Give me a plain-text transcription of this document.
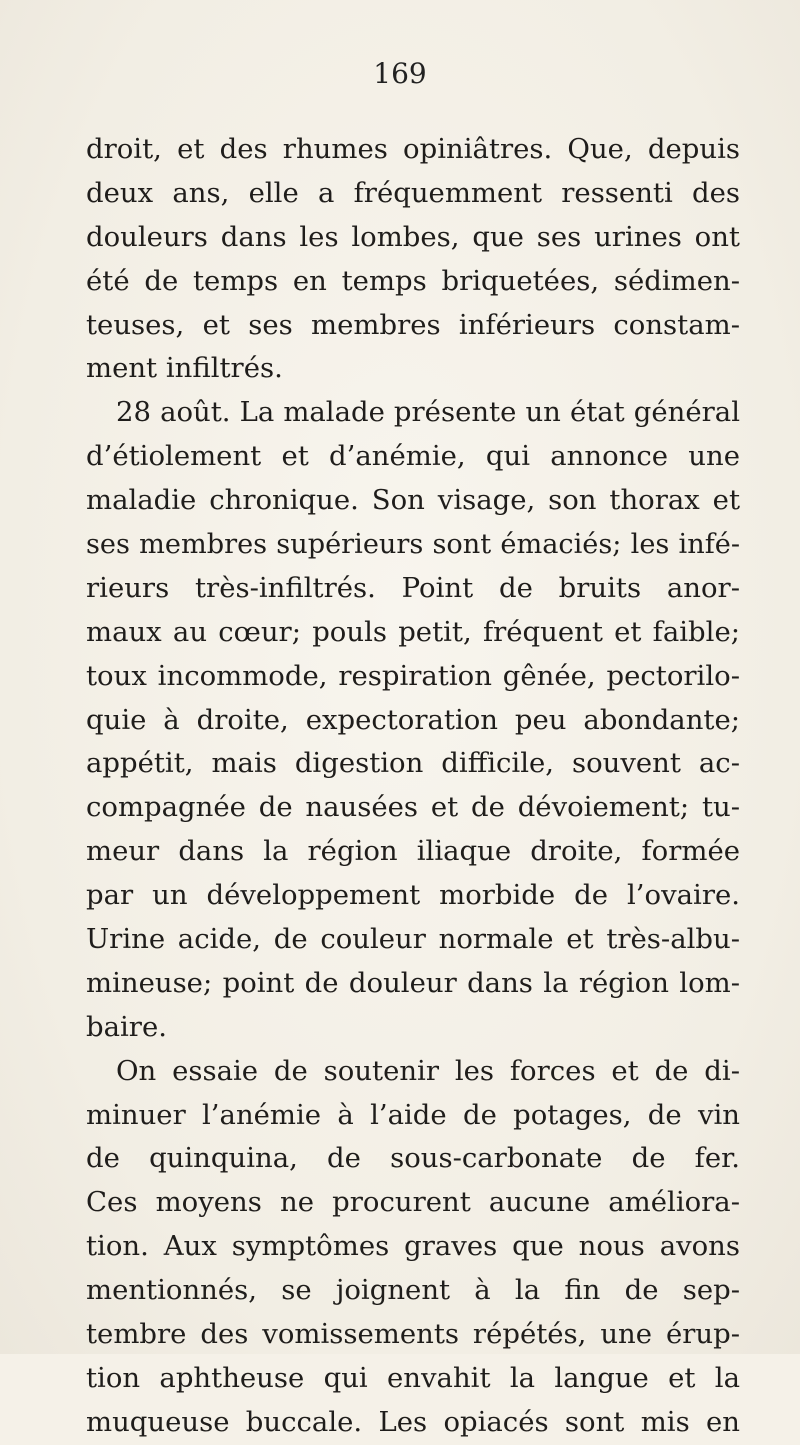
169
droit, et des rhumes opiniâtres. Que, depuis
deux ans, elle a fréquemment ressenti des
douleurs dans les lombes, que ses urines ont
été de temps en temps briquetées, sédimen-
teuses, et ses membres inférieurs constam-
ment infiltrés.
28 août. La malade présente un état général
d’étiolement et d’anémie, qui annonce une
maladie chronique. Son visage, son thorax et
ses membres supérieurs sont émaciés; les infé-
rieurs très-infiltrés. Point de bruits anor-
maux au cœur; pouls petit, fréquent et faible;
toux incommode, respiration gênée, pectorilo-
quie à droite, expectoration peu abondante;
appétit, mais digestion difficile, souvent ac-
compagnée de nausées et de dévoiement; tu-
meur dans la région iliaque droite, formée
par un développement morbide de l’ovaire.
Urine acide, de couleur normale et très-albu-
mineuse; point de douleur dans la région lom-
baire.
On essaie de soutenir les forces et de di-
minuer l’anémie à l’aide de potages, de vin
de quinquina, de sous-carbonate de fer.
Ces moyens ne procurent aucune améliora-
tion. Aux symptômes graves que nous avons
mentionnés, se joignent à la fin de sep-
tembre des vomissements répétés, une érup-
tion aphtheuse qui envahit la langue et la
muqueuse buccale. Les opiacés sont mis en
